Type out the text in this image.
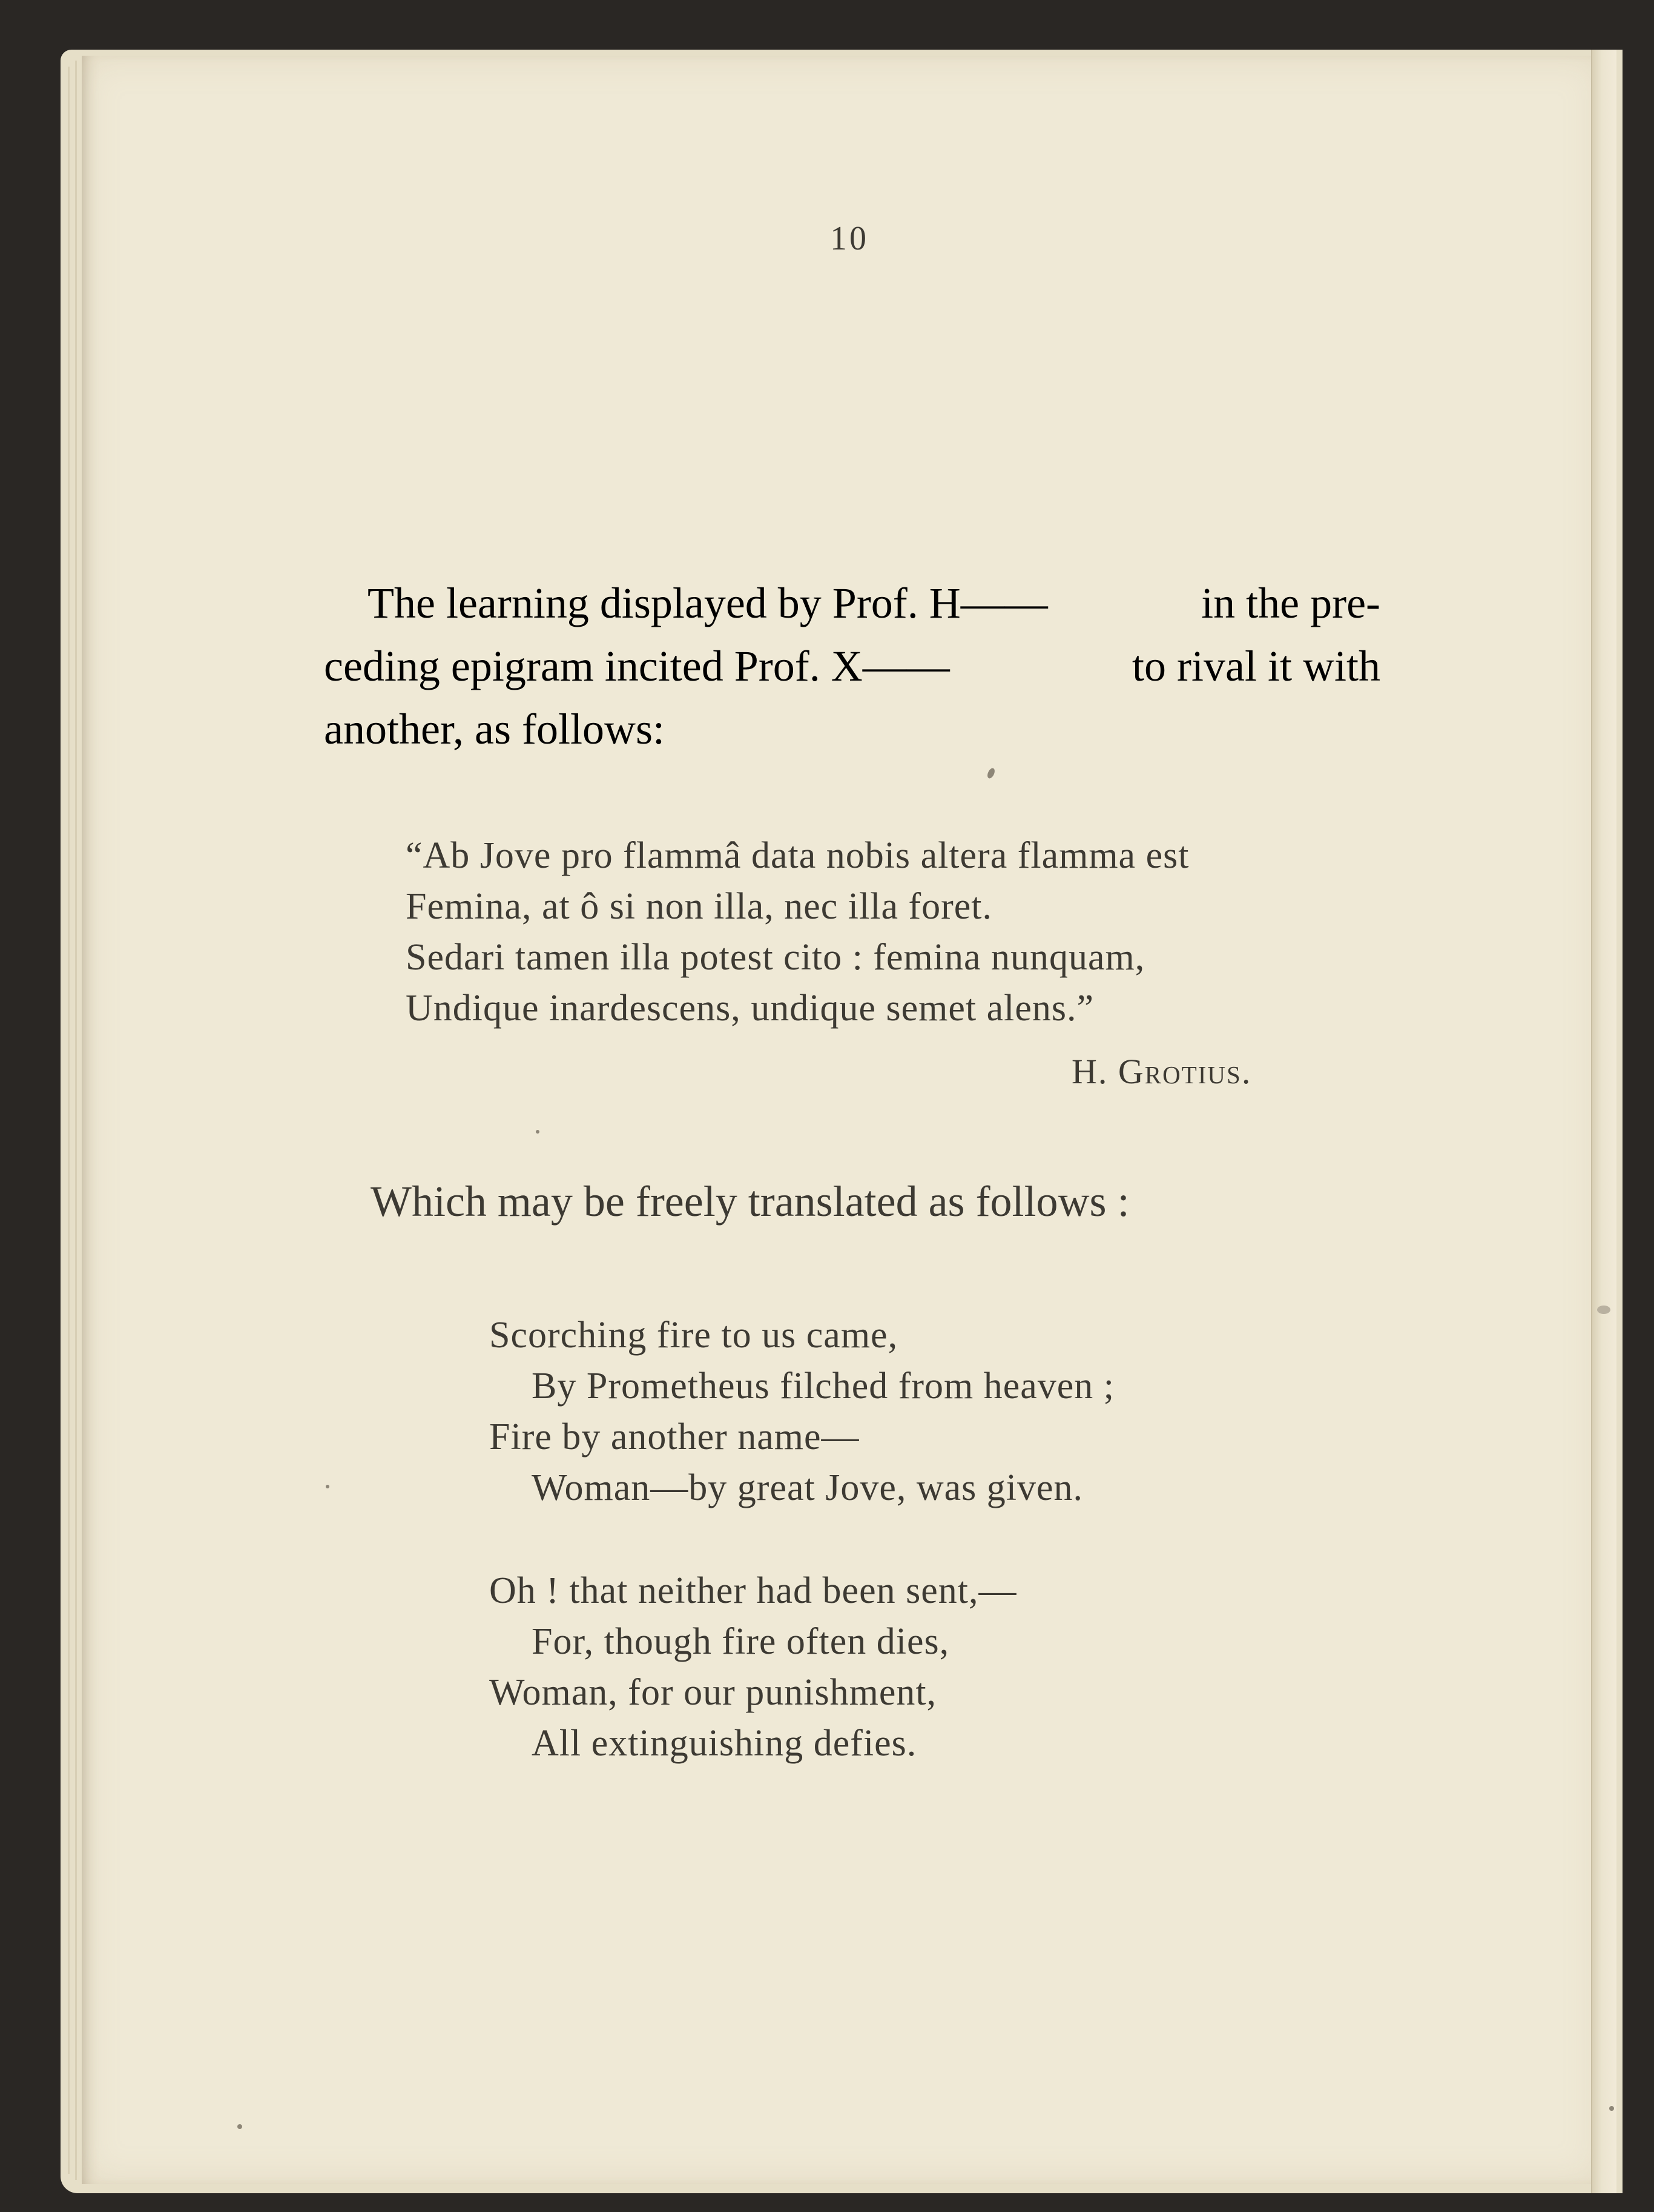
10
The learning displayed by Prof. H——	in the pre-
ceding epigram incited Prof. X——	to rival it with
another, as follows:
“Ab Jove pro flammâ data nobis altera flamma est
Femina, at ô si non illa, nec illa foret.
Sedari tamen illa potest cito : femina nunquam,
Undique inardescens, undique semet alens.”
H. Grotius.
Which may be freely translated as follows :
Scorching fire to us came,
By Prometheus filched from heaven ;
Fire by another name—
Woman—by great Jove, was given.
Oh ! that neither had been sent,—
For, though fire often dies,
Woman, for our punishment,
All extinguishing defies.
